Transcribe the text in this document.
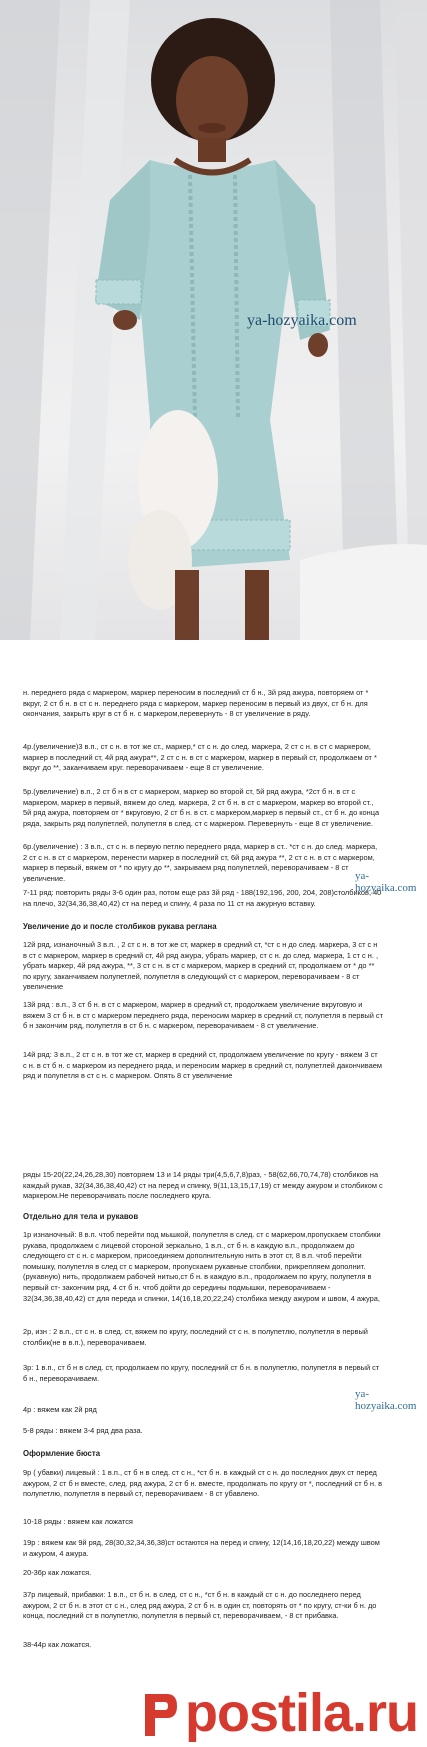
ya-hozyaika.com

н. переднего ряда с маркером, маркер переносим в последний ст б н., 3й ряд ажура, повторяем от * вкруг, 2 ст б н. в ст с н. переднего ряда с маркером, маркер переносим в первый из двух, ст б н. для окончания, закрыть круг в ст б н. с маркером,перевернуть - 8 ст увеличение в ряду.

4р.(увеличение)3 в.п., ст с н. в тот же ст., маркер,* ст с н. до след. маркера, 2 ст с н. в ст с маркером, маркер в последний ст, 4й ряд ажура**, 2 ст с н. в ст с маркером, маркер в первый ст, продолжаем от * вкруг до **, заканчиваем круг. переворачиваем - еще 8 ст увеличение.

5р.(увеличение) в.п., 2 ст б н в ст с маркером, маркер во второй ст, 5й ряд ажура, *2ст б н. в ст с маркером, маркер в первый, вяжем до след. маркера, 2 ст б н. в ст с маркером, маркер во второй ст., 5й ряд ажура, повторяем от * вкруговую, 2 ст б н. в ст. с маркером,маркер в первый ст., ст б н. до конца ряда, закрыть ряд полупетлей, полупетля в след. ст с маркером. Перевернуть - еще 8 ст увеличение.

6р.(увеличение) : 3 в.п., ст с н. в первую петлю переднего ряда, маркер в ст.. *ст с н. до след. маркера, 2 ст с н. в ст с маркером, перенести маркер в последний ст, 6й ряд ажура **, 2 ст с н. в ст с маркером, маркер в первый, вяжем от * по кругу до **, закрываем ряд полупетлей, переворачиваем - 8 ст увеличение.	ya-hozyaika.com

7-11 ряд: повторить ряды 3-6 один раз, потом еще раз 3й ряд - 188(192,196, 200, 204, 208)столбиков, 40 на плечо, 32(34,36,38,40,42) ст на перед и спину, 4 раза по 11 ст на ажурную вставку.

Увеличение до и после столбиков рукава реглана

12й ряд, изнаночный 3 в.п. , 2 ст с н. в тот же ст, маркер в средний ст, *ст с н до след. маркера, 3 ст с н в ст с маркером, маркер в средний ст, 4й ряд ажура, убрать маркер, ст с н. до след. маркера, 1 ст с н. , убрать маркер, 4й ряд ажура, **, 3 ст с н. в ст с маркером, маркер в средний ст, продолжаем от * до ** по кругу, заканчиваем полупетлей, полупетля в следующий ст с маркером, переворачиваем - 8 ст увеличение

13й ряд : в.п., 3 ст б н. в ст с маркером, маркер в средний ст, продолжаем увеличение вкруговую и вяжем 3 ст б н. в ст с маркером переднего ряда, переносим маркер в средний ст, полупетля в первый ст б н закончим ряд, полупетля в ст б н. с маркером, переворачиваем - 8 ст увеличение.

14й ряд: 3 в.п., 2 ст с н. в тот же ст, маркер в средний ст, продолжаем увеличение по кругу - вяжем 3 ст с н. в ст б н. с маркером из переднего ряда, и переносим маркер в средний ст, полупетлей дакончиваем ряд и полупетля в ст с н. с маркером. Опять 8 ст увеличение

ряды 15-20(22,24,26,28,30) повторяем 13 и 14 ряды три(4,5,6,7,8)раз, - 58(62,66,70,74,78) столбиков на каждый рукав, 32(34,36,38,40,42) ст на перед и спинку, 9(11,13,15,17,19) ст между ажуром и столбиком с маркером.Не переворачивать после последнего круга.

Отдельно для тела и рукавов

1р изнаночный: 8 в.п. чтоб перейти под мышкой, полупетля в след. ст с маркером,пропускаем столбики рукава, продолжаем с лицевой стороной зеркально, 1 в.п., ст б н. в каждую в.п., продолжаем до следующего ст с н. с маркером, присоединяем дополнительную нить в этот ст, 8 в.п. чтоб перейти помышку, полупетля в след ст с маркером, пропускаем рукавные столбики, прикрепляем дополнит.(рукавную) нить, продолжаем рабочей нитью,ст б н. в каждую в.п., продолжаем по кругу, полупетля в первый ст- закончим ряд, 4 ст б н. чтоб дойти до середины подмышки, переворачиваем - 32(34,36,38,40,42) ст для переда и спинки, 14(16,18,20,22,24) столбика между ажуром и швом, 4 ажура,

2р, изн : 2 в.п., ст с н. в след. ст, вяжем по кругу, последний ст с н. в полупетлю, полупетля в первый столбик(не в в.п.), переворачиваем.

3р: 1 в.п., ст б н в след. ст, продолжаем по кругу, последний ст б н. в полупетлю, полупетля в первый ст б н., переворачиваем.

ya-hozyaika.com

4р : вяжем как 2й ряд

5-8 ряды : вяжем 3-4 ряд два раза.

Оформление бюста

9р ( убавки) лицевый : 1 в.п., ст б н в след. ст с н., *ст б н. в каждый ст с н. до последних двух ст перед ажуром, 2 ст б н вместе, след. ряд ажура, 2 ст б н. вместе, продолжать по кругу от *, последний ст б н. в полупетлю, полупетля в первый ст, переворачиваем - 8 ст убавлено.

10-18 ряды : вяжем как ложатся

19р : вяжем как 9й ряд, 28(30,32,34,36,38)ст остаются на перед и спину, 12(14,16,18,20,22) между швом и ажуром, 4 ажура.

20-36р как ложатся.

37р лицевый, прибавки: 1 в.п., ст б н. в след. ст с н., *ст б н. в каждый ст с н. до последнего перед ажуром, 2 ст б н. в этот ст с н., след ряд ажура, 2 ст б н. в один ст, повторять от * по кругу, ст-ки б н. до конца, последний ст в полупетлю, полупетля в первый ст, переворачиваем, - 8 ст прибавка.

38-44р как ложатся.

postila.ru
